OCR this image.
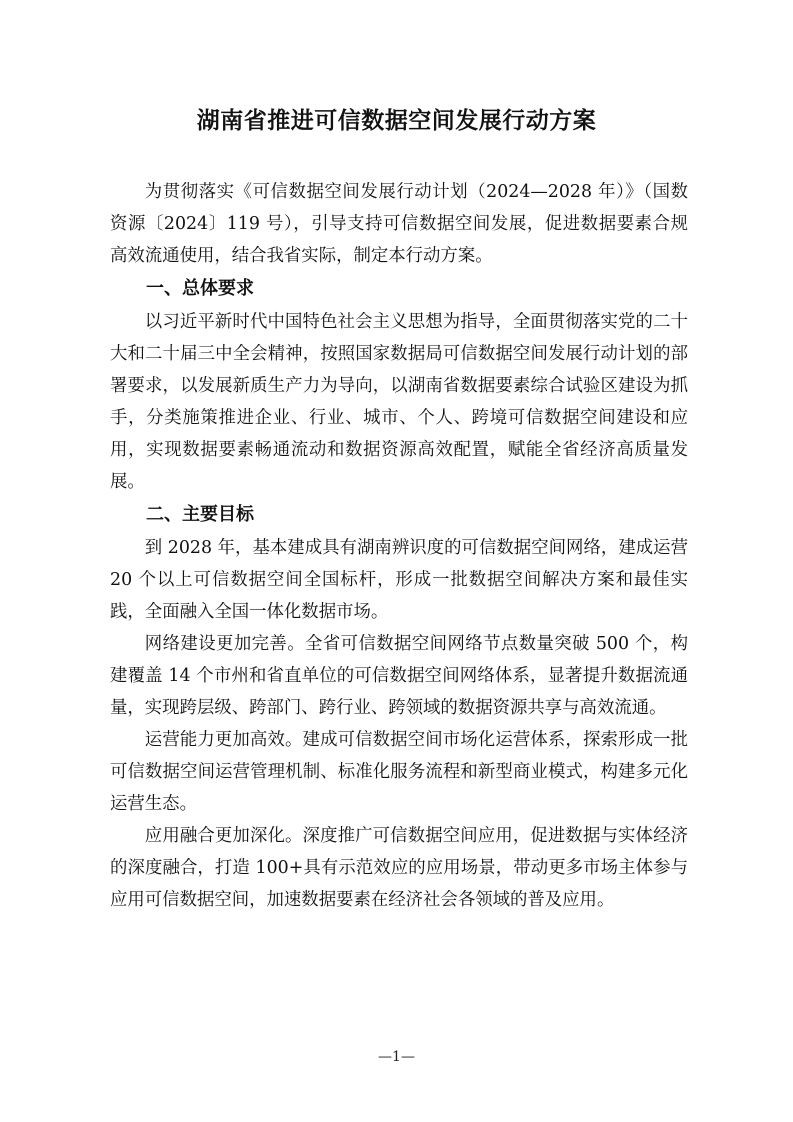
湖南省推进可信数据空间发展行动方案

为贯彻落实《可信数据空间发展行动计划（2024—2028 年）》（国数资源〔2024〕119 号），引导支持可信数据空间发展，促进数据要素合规高效流通使用，结合我省实际，制定本行动方案。

一、总体要求

以习近平新时代中国特色社会主义思想为指导，全面贯彻落实党的二十大和二十届三中全会精神，按照国家数据局可信数据空间发展行动计划的部署要求，以发展新质生产力为导向，以湖南省数据要素综合试验区建设为抓手，分类施策推进企业、行业、城市、个人、跨境可信数据空间建设和应用，实现数据要素畅通流动和数据资源高效配置，赋能全省经济高质量发展。

二、主要目标

到 2028 年，基本建成具有湖南辨识度的可信数据空间网络，建成运营 20 个以上可信数据空间全国标杆，形成一批数据空间解决方案和最佳实践，全面融入全国一体化数据市场。

网络建设更加完善。全省可信数据空间网络节点数量突破 500 个，构建覆盖 14 个市州和省直单位的可信数据空间网络体系，显著提升数据流通量，实现跨层级、跨部门、跨行业、跨领域的数据资源共享与高效流通。

运营能力更加高效。建成可信数据空间市场化运营体系，探索形成一批可信数据空间运营管理机制、标准化服务流程和新型商业模式，构建多元化运营生态。

应用融合更加深化。深度推广可信数据空间应用，促进数据与实体经济的深度融合，打造 100+具有示范效应的应用场景，带动更多市场主体参与应用可信数据空间，加速数据要素在经济社会各领域的普及应用。

—1—
